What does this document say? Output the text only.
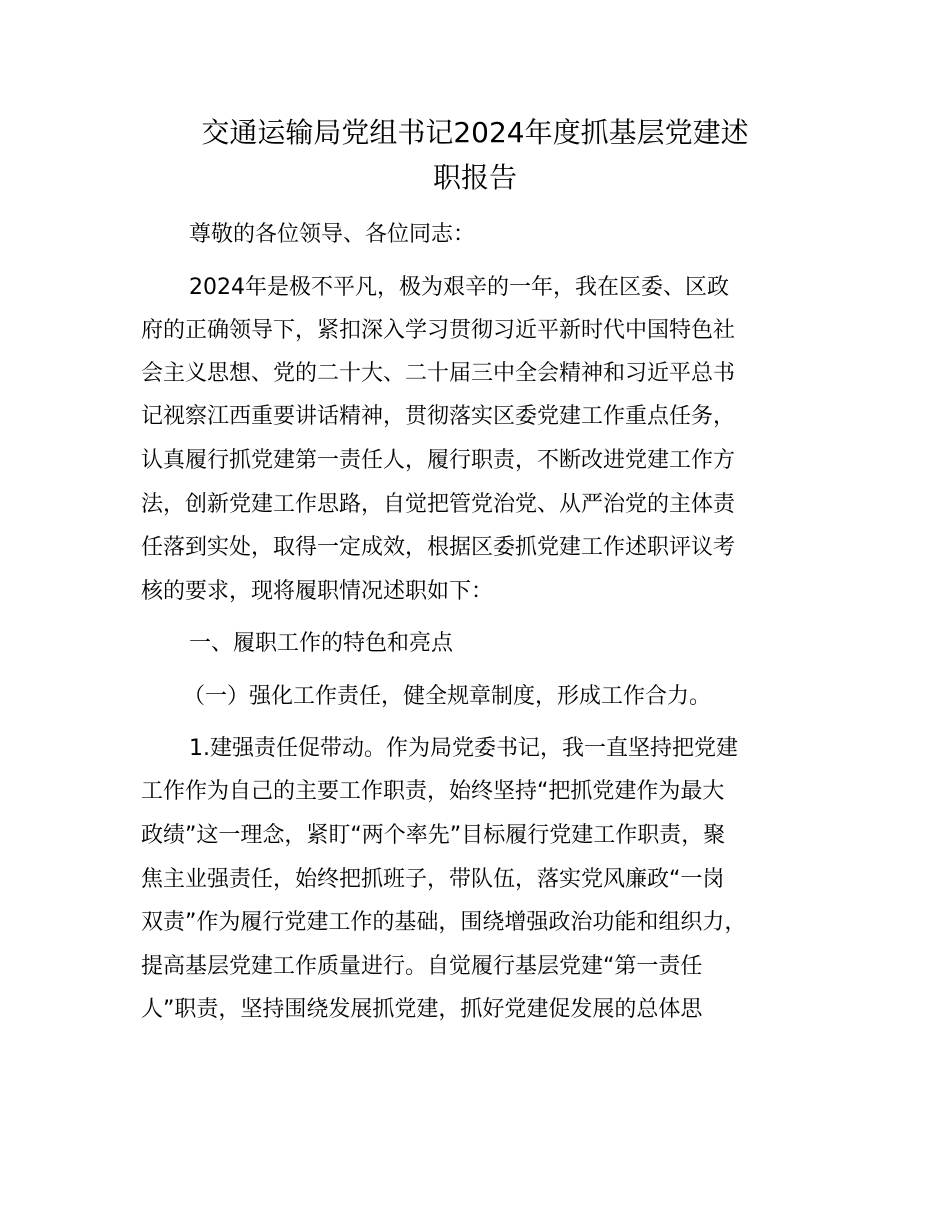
交通运输局党组书记2024年度抓基层党建述
职报告

尊敬的各位领导、各位同志：

2024年是极不平凡，极为艰辛的一年，我在区委、区政

府的正确领导下，紧扣深入学习贯彻习近平新时代中国特色社

会主义思想、党的二十大、二十届三中全会精神和习近平总书

记视察江西重要讲话精神，贯彻落实区委党建工作重点任务，

认真履行抓党建第一责任人，履行职责，不断改进党建工作方

法，创新党建工作思路，自觉把管党治党、从严治党的主体责

任落到实处，取得一定成效，根据区委抓党建工作述职评议考

核的要求，现将履职情况述职如下：

一、履职工作的特色和亮点

（一）强化工作责任，健全规章制度，形成工作合力。

1.建强责任促带动。作为局党委书记，我一直坚持把党建

工作作为自己的主要工作职责，始终坚持“把抓党建作为最大

政绩”这一理念，紧盯“两个率先”目标履行党建工作职责，聚

焦主业强责任，始终把抓班子，带队伍，落实党风廉政“一岗

双责”作为履行党建工作的基础，围绕增强政治功能和组织力，

提高基层党建工作质量进行。自觉履行基层党建“第一责任

人”职责，坚持围绕发展抓党建，抓好党建促发展的总体思
